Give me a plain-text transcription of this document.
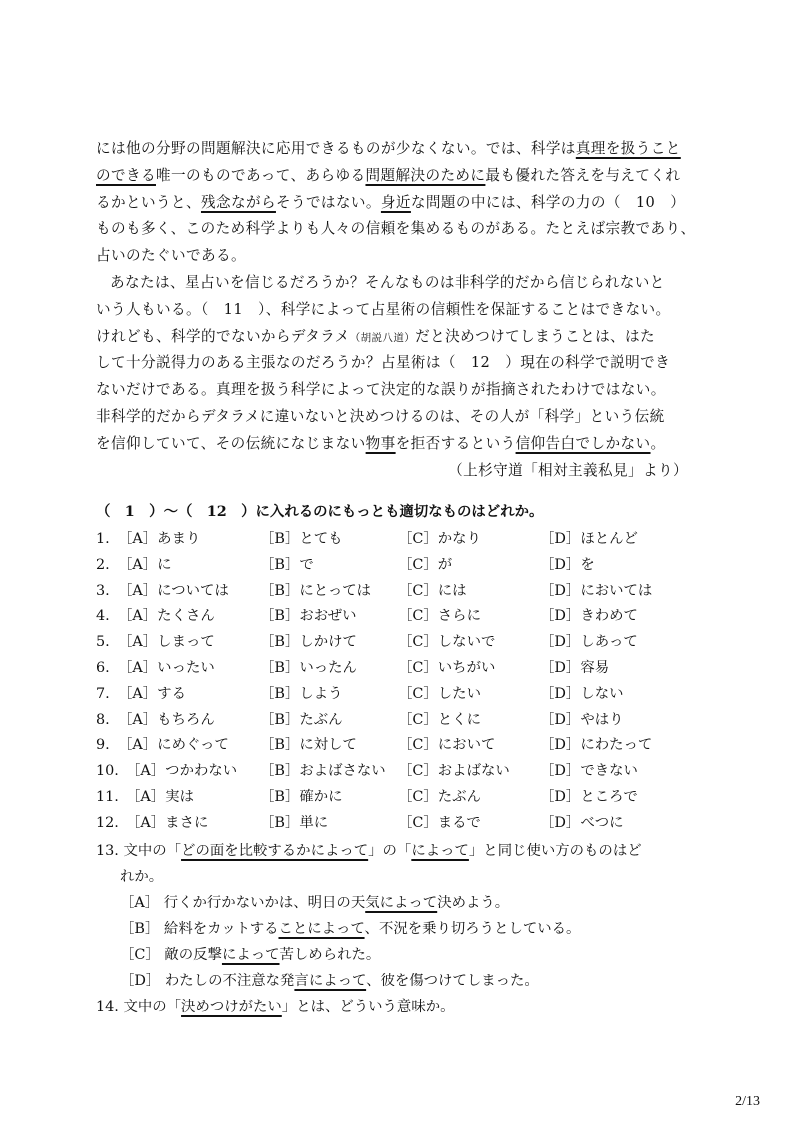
には他の分野の問題解決に応用できるものが少なくない。では、科学は真理を扱うこと
のできる唯一のものであって、あらゆる問題解決のために最も優れた答えを与えてくれ
るかというと、残念ながらそうではない。身近な問題の中には、科学の力の（　10　）
ものも多く、このため科学よりも人々の信頼を集めるものがある。たとえば宗教であり、
占いのたぐいである。
あなたは、星占いを信じるだろうか？そんなものは非科学的だから信じられないと
いう人もいる。（　11　）、科学によって占星術の信頼性を保証することはできない。
けれども、科学的でないからデタラメ（胡説八道）だと決めつけてしまうことは、はた
して十分説得力のある主張なのだろうか？占星術は（　12　）現在の科学で説明でき
ないだけである。真理を扱う科学によって決定的な誤りが指摘されたわけではない。
非科学的だからデタラメに違いないと決めつけるのは、その人が「科学」という伝統
を信仰していて、その伝統になじまない物事を拒否するという信仰告白でしかない。
（上杉守道「相対主義私見」より）
（　1　）～（　12　）に入れるのにもっとも適切なものはどれか。
1. ［A］あまり	［B］とても	［C］かなり	［D］ほとんど
2. ［A］に	［B］で	［C］が	［D］を
3. ［A］については ［B］にとっては ［C］には	［D］においては
4. ［A］たくさん	［B］おおぜい	［C］さらに	［D］きわめて
5. ［A］しまって	［B］しかけて	［C］しないで	［D］しあって
6. ［A］いったい	［B］いったん	［C］いちがい	［D］容易
7. ［A］する	［B］しよう	［C］したい	［D］しない
8. ［A］もちろん	［B］たぶん	［C］とくに	［D］やはり
9. ［A］にめぐって ［B］に対して	［C］において	［D］にわたって
10. ［A］つかわない ［B］およばさない ［C］およばない ［D］できない
11. ［A］実は	［B］確かに	［C］たぶん	［D］ところで
12. ［A］まさに	［B］単に	［C］まるで	［D］べつに
13. 文中の「どの面を比較するかによって」の「によって」と同じ使い方のものはど
れか。
［A］ 行くか行かないかは、明日の天気によって決めよう。
［B］ 給料をカットすることによって、不況を乗り切ろうとしている。
［C］ 敵の反撃によって苦しめられた。
［D］ わたしの不注意な発言によって、彼を傷つけてしまった。
14. 文中の「決めつけがたい」とは、どういう意味か。
2/13
